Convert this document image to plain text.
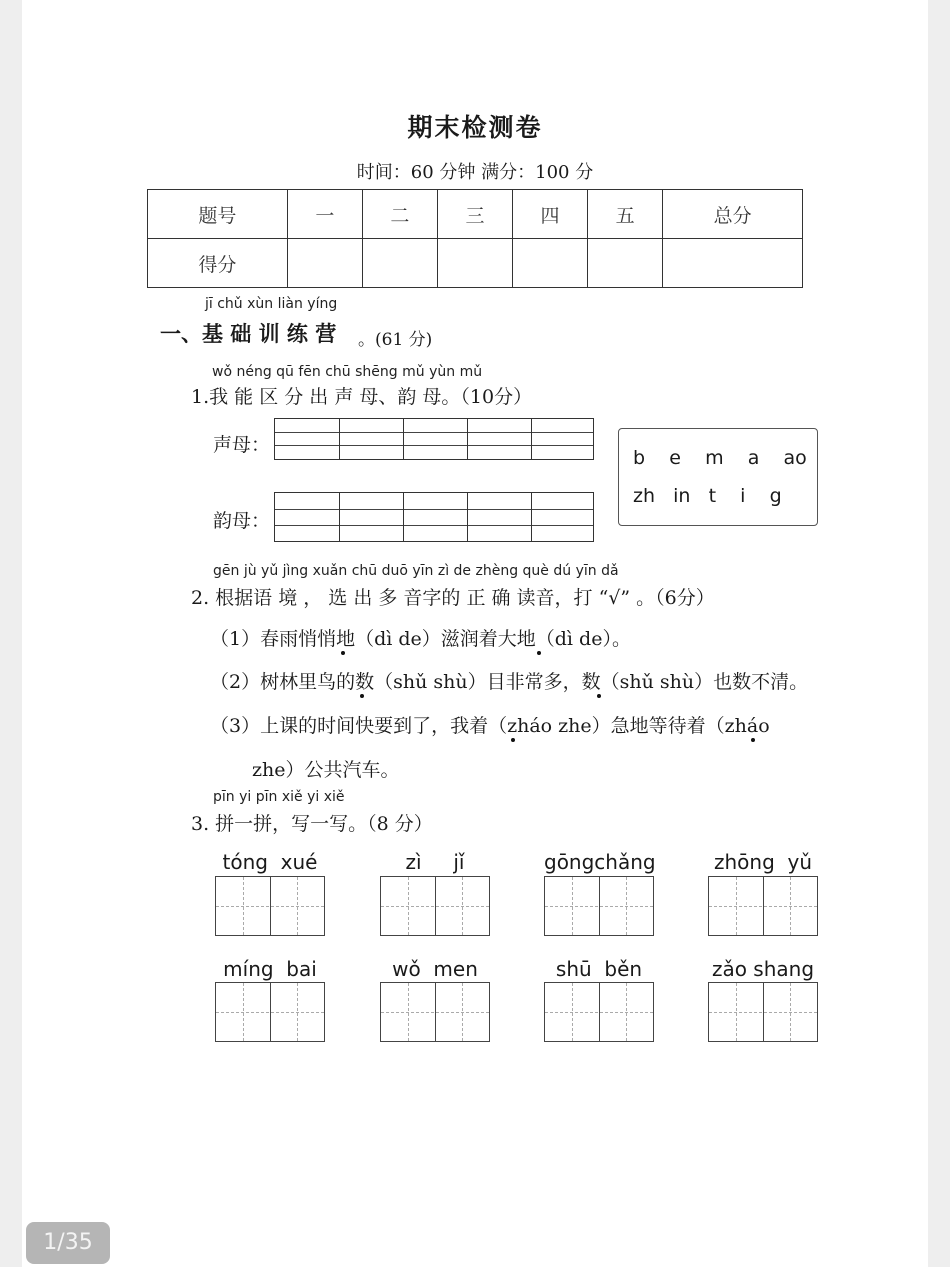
期末检测卷
时间：60 分钟 满分：100 分
题号	一	二	三	四	五	总分
得分						
jī chǔ xùn liàn yíng
一、基 础 训 练 营 。(61 分)
wǒ néng qū fēn chū shēng mǔ yùn mǔ
1.我 能 区 分 出 声 母、韵 母。（10分）
声母：
韵母：
b    e    m    a    ao
zh   in   t    i    g
gēn jù yǔ jìng xuǎn chū duō yīn zì de zhèng què dú yīn dǎ
2. 根据语 境 ， 选 出 多 音字的 正 确 读音，打 “√” 。（6分）
（1）春雨悄悄地（dì de）滋润着大地（dì de）。
（2）树林里鸟的数（shǔ shù）目非常多，数（shǔ shù）也数不清。
（3）上课的时间快要到了，我着（zháo zhe）急地等待着（zháo
zhe）公共汽车。
pīn yi pīn xiě yi xiě
3. 拼一拼，写一写。（8 分）
tóng  xué	zì     jǐ	gōngchǎng	zhōng  yǔ
míng  bai	wǒ  men	shū  běn	zǎo shang
1/35
